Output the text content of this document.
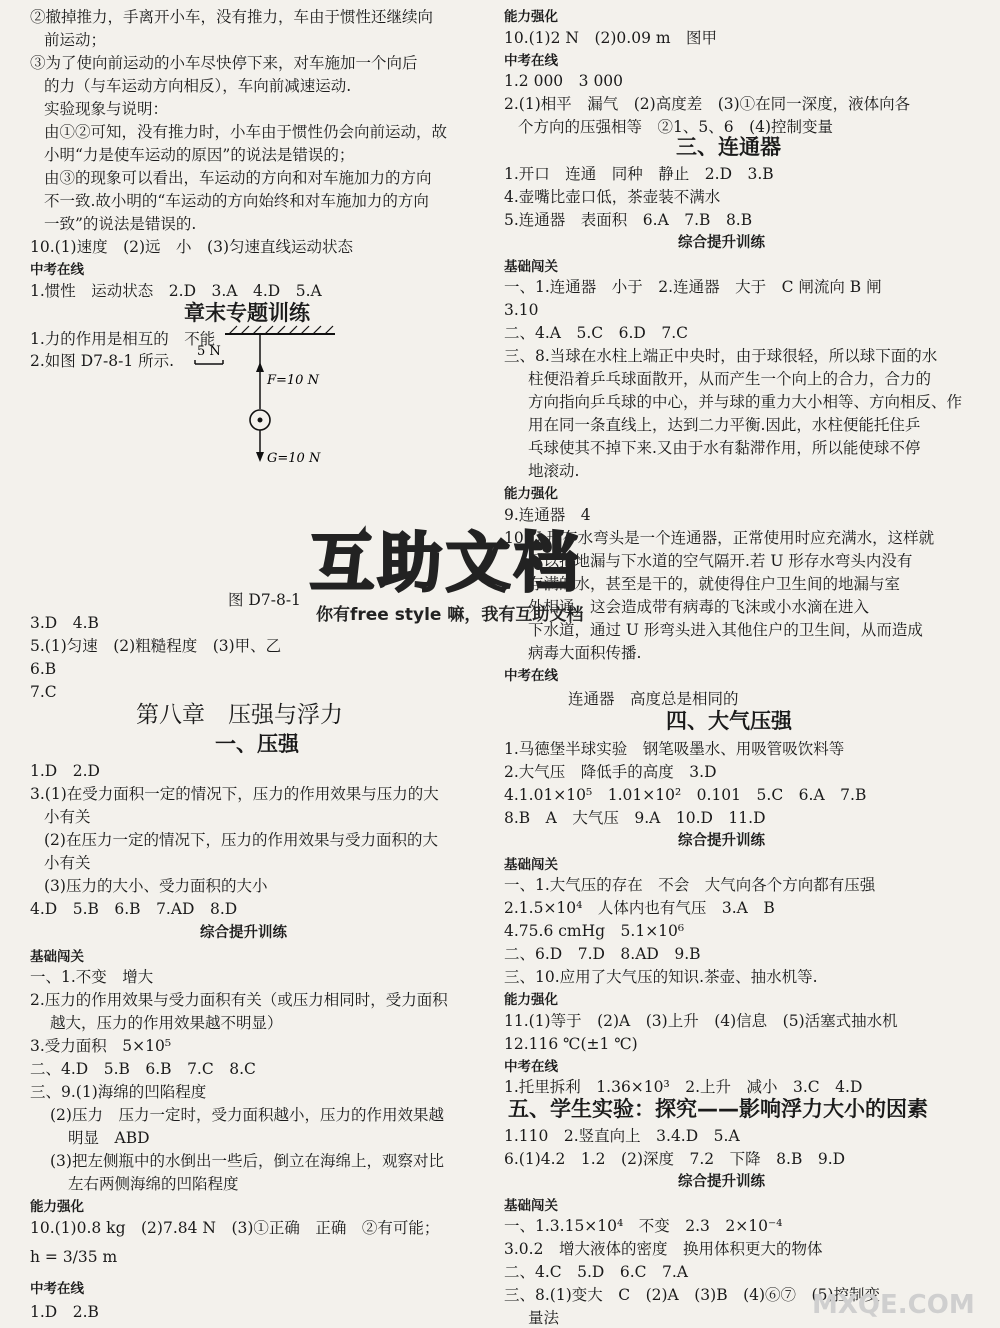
②撤掉推力，手离开小车，没有推力，车由于惯性还继续向
前运动；
③为了使向前运动的小车尽快停下来，对车施加一个向后
的力（与车运动方向相反），车向前减速运动.
实验现象与说明：
由①②可知，没有推力时，小车由于惯性仍会向前运动，故
小明“力是使车运动的原因”的说法是错误的；
由③的现象可以看出，车运动的方向和对车施加力的方向
不一致.故小明的“车运动的方向始终和对车施加力的方向
一致”的说法是错误的.
10.(1)速度　(2)远　小　(3)匀速直线运动状态
中考在线
1.惯性　运动状态　2.D　3.A　4.D　5.A
章末专题训练
1.力的作用是相互的　不能
2.如图 D7-8-1 所示.
图 D7-8-1
3.D　4.B
5.(1)匀速　(2)粗糙程度　(3)甲、乙
6.B
7.C
第八章　压强与浮力
一、压强
1.D　2.D
3.(1)在受力面积一定的情况下，压力的作用效果与压力的大
小有关
(2)在压力一定的情况下，压力的作用效果与受力面积的大
小有关
(3)压力的大小、受力面积的大小
4.D　5.B　6.B　7.AD　8.D
综合提升训练
基础闯关
一、1.不变　增大
2.压力的作用效果与受力面积有关（或压力相同时，受力面积
越大，压力的作用效果越不明显）
3.受力面积　5×10⁵
二、4.D　5.B　6.B　7.C　8.C
三、9.(1)海绵的凹陷程度
(2)压力　压力一定时，受力面积越小，压力的作用效果越
明显　ABD
(3)把左侧瓶中的水倒出一些后，倒立在海绵上，观察对比
左右两侧海绵的凹陷程度
能力强化
10.(1)0.8 kg　(2)7.84 N　(3)①正确　正确　②有可能；
h = 3/35 m
中考在线
1.D　2.B
能力强化
10.(1)2 N　(2)0.09 m　图甲
中考在线
1.2 000　3 000
2.(1)相平　漏气　(2)高度差　(3)①在同一深度，液体向各
个方向的压强相等　②1、5、6　(4)控制变量
三、连通器
1.开口　连通　同种　静止　2.D　3.B
4.壶嘴比壶口低，茶壶装不满水
5.连通器　表面积　6.A　7.B　8.B
综合提升训练
基础闯关
一、1.连通器　小于　2.连通器　大于　C 闸流向 B 闸
3.10
二、4.A　5.C　6.D　7.C
三、8.当球在水柱上端正中央时，由于球很轻，所以球下面的水
柱便沿着乒乓球面散开，从而产生一个向上的合力，合力的
方向指向乒乓球的中心，并与球的重力大小相等、方向相反、作
用在同一条直线上，达到二力平衡.因此，水柱便能托住乒
乓球使其不掉下来.又由于水有黏滞作用，所以能使球不停
地滚动.
能力强化
9.连通器　4
10.U 形存水弯头是一个连通器，正常使用时应充满水，这样就
可以把地漏与下水道的空气隔开.若 U 形存水弯头内没有
存满的水，甚至是干的，就使得住户卫生间的地漏与室
外相通，这会造成带有病毒的飞沫或小水滴在进入
下水道，通过 U 形弯头进入其他住户的卫生间，从而造成
病毒大面积传播.
中考在线
连通器　高度总是相同的
四、大气压强
1.马德堡半球实验　钢笔吸墨水、用吸管吸饮料等
2.大气压　降低手的高度　3.D
4.1.01×10⁵　1.01×10²　0.101　5.C　6.A　7.B
8.B　A　大气压　9.A　10.D　11.D
综合提升训练
基础闯关
一、1.大气压的存在　不会　大气向各个方向都有压强
2.1.5×10⁴　人体内也有气压　3.A　B
4.75.6 cmHg　5.1×10⁶
二、6.D　7.D　8.AD　9.B
三、10.应用了大气压的知识.茶壶、抽水机等.
能力强化
11.(1)等于　(2)A　(3)上升　(4)信息　(5)活塞式抽水机
12.116 ℃(±1 ℃)
中考在线
1.托里拆利　1.36×10³　2.上升　减小　3.C　4.D
五、学生实验：探究——影响浮力大小的因素
1.110　2.竖直向上　3.4.D　5.A
6.(1)4.2　1.2　(2)深度　7.2　下降　8.B　9.D
综合提升训练
基础闯关
一、1.3.15×10⁴　不变　2.3　2×10⁻⁴
3.0.2　增大液体的密度　换用体积更大的物体
二、4.C　5.D　6.C　7.A
三、8.(1)变大　C　(2)A　(3)B　(4)⑥⑦　(5)控制变
量法
5 N
F=10 N
G=10 N
互助文档
你有free style 嘛，我有互助文档
MXQE.COM
